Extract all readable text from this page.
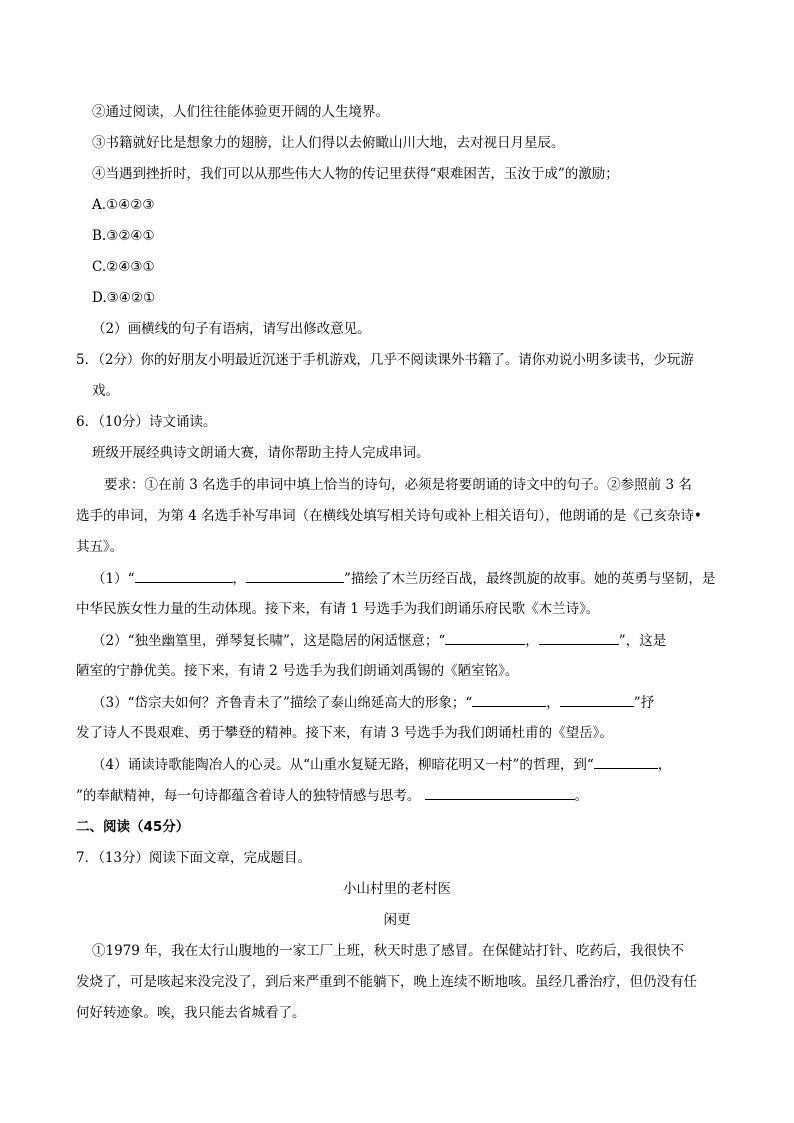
②通过阅读，人们往往能体验更开阔的人生境界。
③书籍就好比是想象力的翅膀，让人们得以去俯瞰山川大地，去对视日月星辰。
④当遇到挫折时，我们可以从那些伟大人物的传记里获得“艰难困苦，玉汝于成”的激励；
A.①④②③
B.③②④①
C.②④③①
D.③④②①
（2）画横线的句子有语病，请写出修改意见。
5．（2分）你的好朋友小明最近沉迷于手机游戏，几乎不阅读课外书籍了。请你劝说小明多读书，少玩游
戏。
6．（10分）诗文诵读。
班级开展经典诗文朗诵大赛，请你帮助主持人完成串词。
要求：①在前 3 名选手的串词中填上恰当的诗句，必须是将要朗诵的诗文中的句子。②参照前 3 名
选手的串词，为第 4 名选手补写串词（在横线处填写相关诗句或补上相关语句），他朗诵的是《己亥杂诗•
其五》。
（1）“	，	”描绘了木兰历经百战，最终凯旋的故事。她的英勇与坚韧，是
中华民族女性力量的生动体现。接下来，有请 1 号选手为我们朗诵乐府民歌《木兰诗》。
（2）“独坐幽篁里，弹琴复长啸”，这是隐居的闲适惬意；“	，	”，这是
陋室的宁静优美。接下来，有请 2 号选手为我们朗诵刘禹锡的《陋室铭》。
（3）“岱宗夫如何？齐鲁青未了”描绘了泰山绵延高大的形象；“	，	”抒
发了诗人不畏艰难、勇于攀登的精神。接下来，有请 3 号选手为我们朗诵杜甫的《望岳》。
（4）诵读诗歌能陶冶人的心灵。从“山重水复疑无路，柳暗花明又一村”的哲理，到“	，
”的奉献精神，每一句诗都蕴含着诗人的独特情感与思考。	。
二、阅读（45分）
7．（13分）阅读下面文章，完成题目。
小山村里的老村医
闲更
①1979 年，我在太行山腹地的一家工厂上班，秋天时患了感冒。在保健站打针、吃药后，我很快不
发烧了，可是咳起来没完没了，到后来严重到不能躺下，晚上连续不断地咳。虽经几番治疗，但仍没有任
何好转迹象。唉，我只能去省城看了。
